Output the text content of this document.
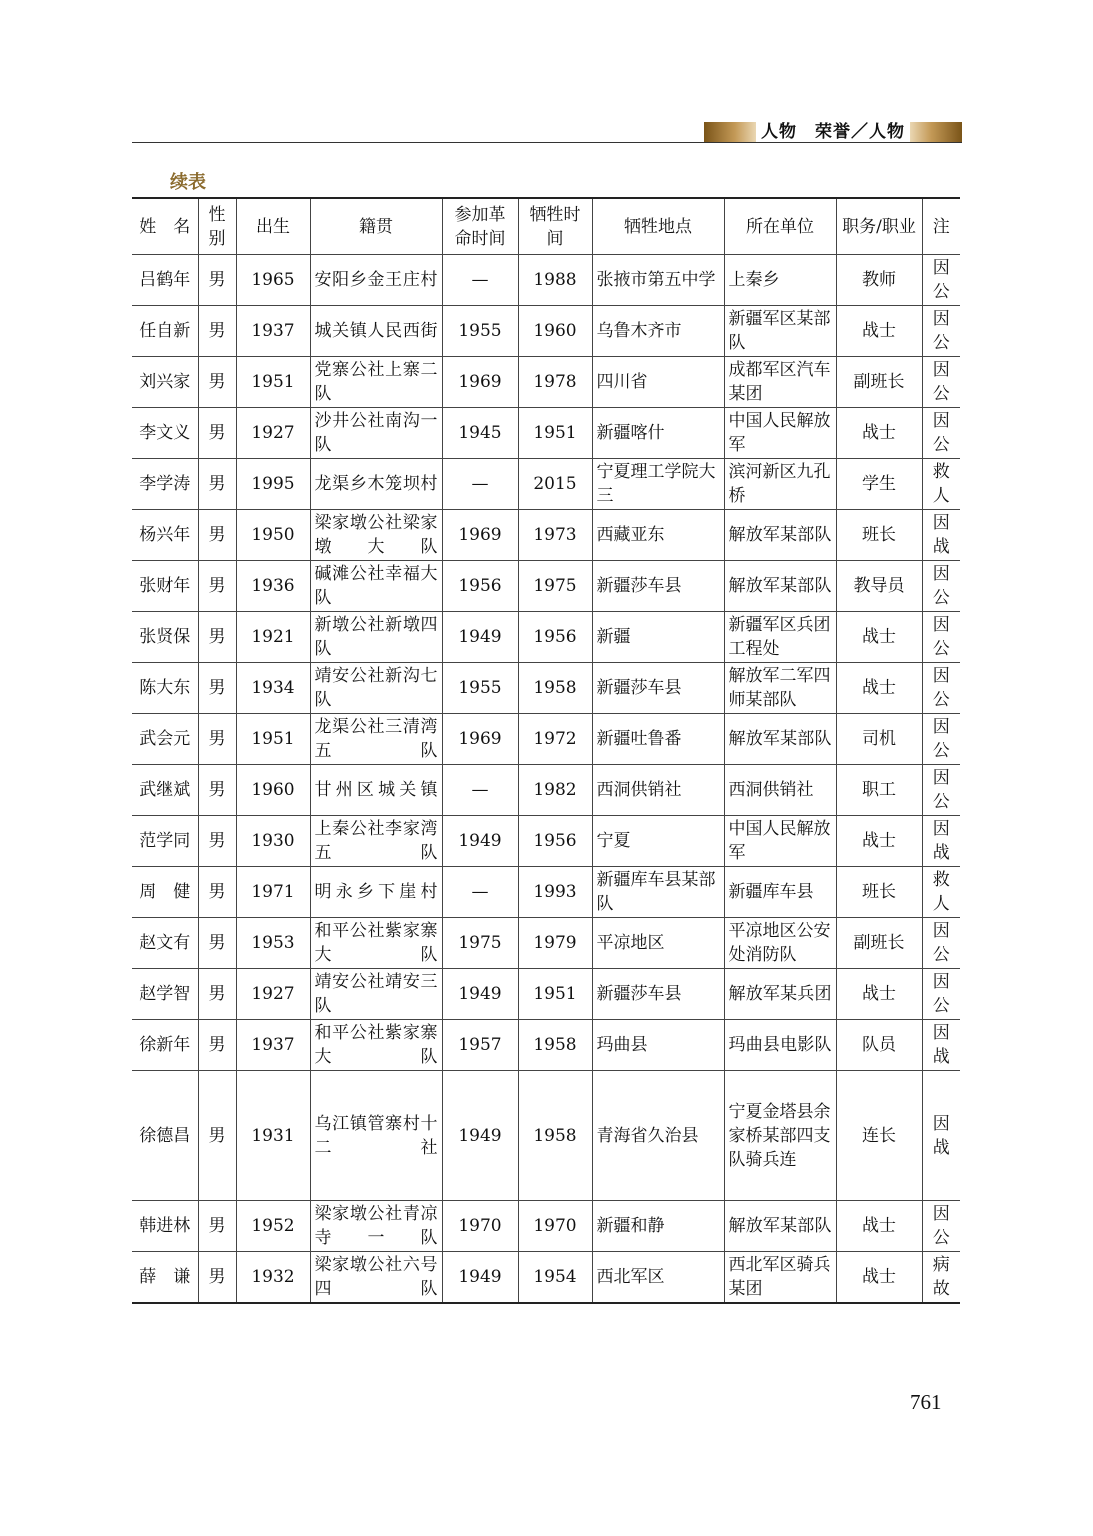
人物　荣誉／人物
续表
姓　名	性别	出生	籍贯	参加革命时间	牺牲时间	牺牲地点	所在单位	职务/职业	注
吕鹤年	男	1965	安阳乡金王庄村	—	1988	张掖市第五中学	上秦乡	教师	因公
任自新	男	1937	城关镇人民西街	1955	1960	乌鲁木齐市	新疆军区某部队	战士	因公
刘兴家	男	1951	党寨公社上寨二队	1969	1978	四川省	成都军区汽车某团	副班长	因公
李文义	男	1927	沙井公社南沟一队	1945	1951	新疆喀什	中国人民解放军	战士	因公
李学涛	男	1995	龙渠乡木笼坝村	—	2015	宁夏理工学院大三	滨河新区九孔桥	学生	救人
杨兴年	男	1950	梁家墩公社梁家墩大队	1969	1973	西藏亚东	解放军某部队	班长	因战
张财年	男	1936	碱滩公社幸福大队	1956	1975	新疆莎车县	解放军某部队	教导员	因公
张贤保	男	1921	新墩公社新墩四队	1949	1956	新疆	新疆军区兵团工程处	战士	因公
陈大东	男	1934	靖安公社新沟七队	1955	1958	新疆莎车县	解放军二军四师某部队	战士	因公
武会元	男	1951	龙渠公社三清湾五队	1969	1972	新疆吐鲁番	解放军某部队	司机	因公
武继斌	男	1960	甘州区城关镇	—	1982	西洞供销社	西洞供销社	职工	因公
范学同	男	1930	上秦公社李家湾五队	1949	1956	宁夏	中国人民解放军	战士	因战
周　健	男	1971	明永乡下崖村	—	1993	新疆库车县某部队	新疆库车县	班长	救人
赵文有	男	1953	和平公社紫家寨大队	1975	1979	平凉地区	平凉地区公安处消防队	副班长	因公
赵学智	男	1927	靖安公社靖安三队	1949	1951	新疆莎车县	解放军某兵团	战士	因公
徐新年	男	1937	和平公社紫家寨大队	1957	1958	玛曲县	玛曲县电影队	队员	因战
徐德昌	男	1931	乌江镇管寨村十二社	1949	1958	青海省久治县	宁夏金塔县余家桥某部四支队骑兵连	连长	因战
韩进林	男	1952	梁家墩公社青凉寺一队	1970	1970	新疆和静	解放军某部队	战士	因公
薛　谦	男	1932	梁家墩公社六号四队	1949	1954	西北军区	西北军区骑兵某团	战士	病故
761
